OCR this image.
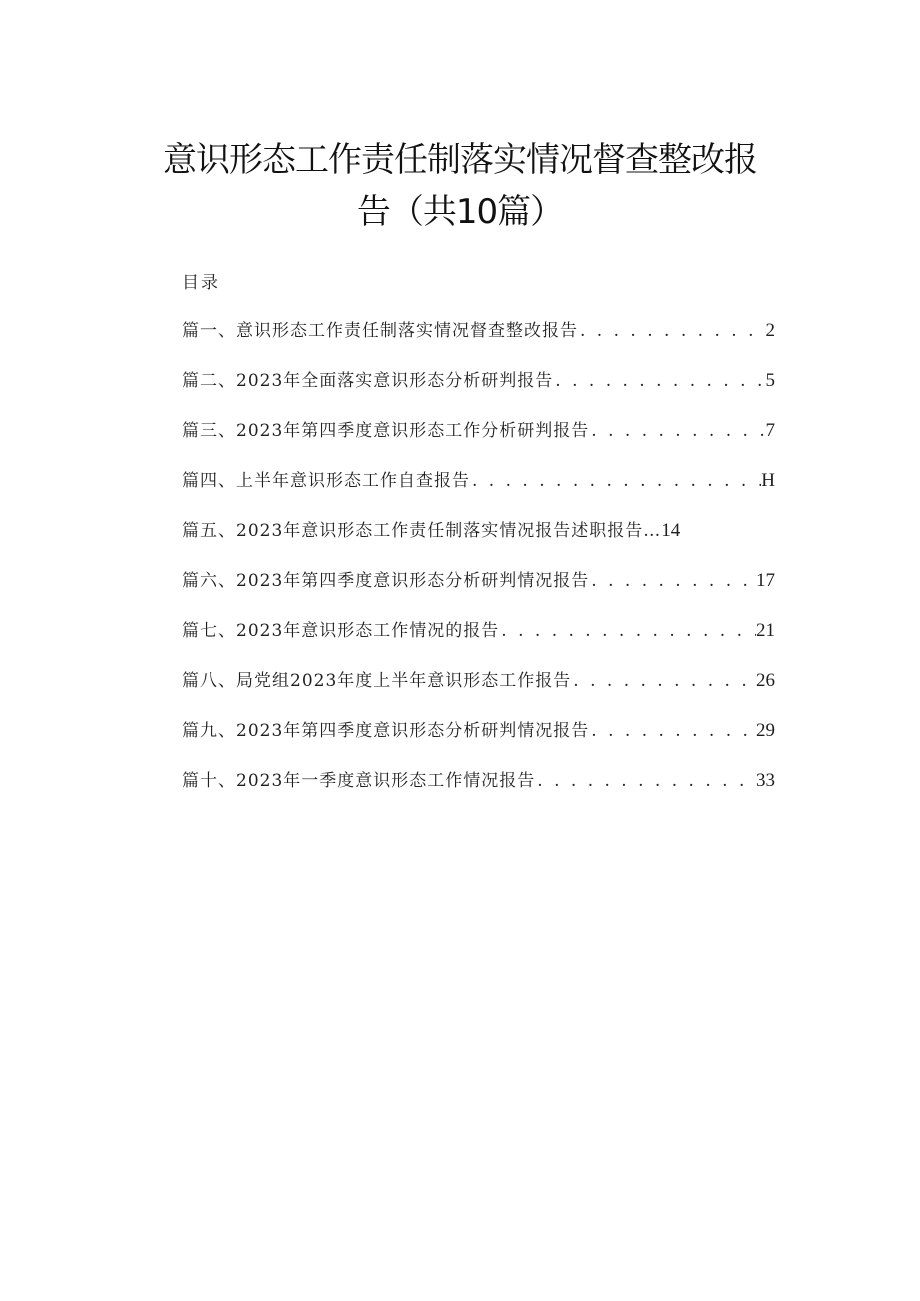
意识形态工作责任制落实情况督查整改报
告（共10篇）
目录
篇一、意识形态工作责任制落实情况督查整改报告 . . .	2
篇二、2023年全面落实意识形态分析研判报告 . . .	5
篇三、2023年第四季度意识形态工作分析研判报告 . . .	7
篇四、上半年意识形态工作自查报告 . . .	H
篇五、2023年意识形态工作责任制落实情况报告述职报告… 14
篇六、2023年第四季度意识形态分析研判情况报告 . . .	17
篇七、2023年意识形态工作情况的报告 . . .	21
篇八、局党组2023年度上半年意识形态工作报告 . . .	26
篇九、2023年第四季度意识形态分析研判情况报告 . . .	29
篇十、2023年一季度意识形态工作情况报告 . . .	33
